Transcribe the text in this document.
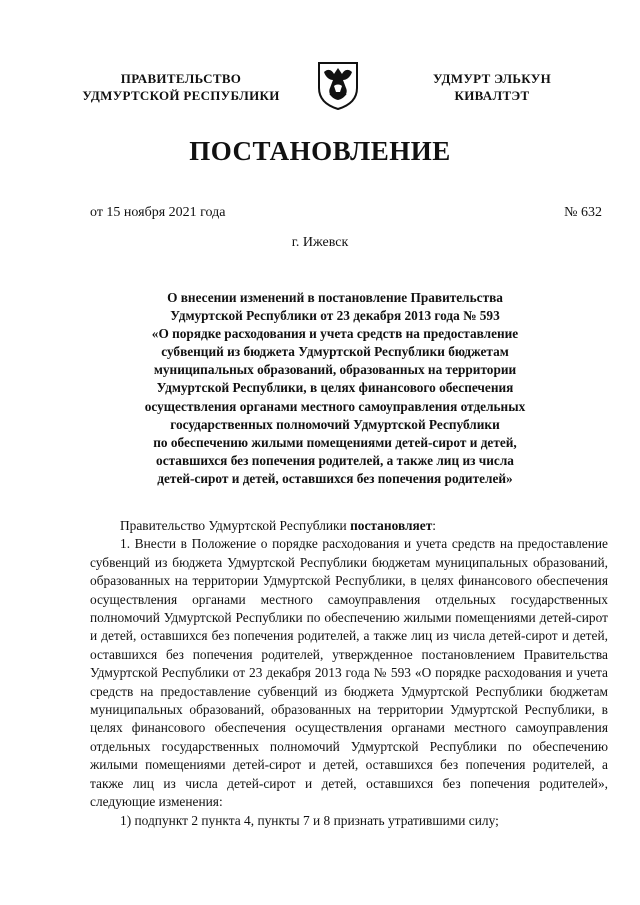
ПРАВИТЕЛЬСТВО
УДМУРТСКОЙ РЕСПУБЛИКИ
УДМУРТ ЭЛЬКУН
КИВАЛТЭТ
ПОСТАНОВЛЕНИЕ
от 15 ноября 2021 года	№ 632
г. Ижевск
О внесении изменений в постановление Правительства
Удмуртской Республики от 23 декабря 2013 года № 593
«О порядке расходования и учета средств на предоставление
субвенций из бюджета Удмуртской Республики бюджетам
муниципальных образований, образованных на территории
Удмуртской Республики, в целях финансового обеспечения
осуществления органами местного самоуправления отдельных
государственных полномочий Удмуртской Республики
по обеспечению жилыми помещениями детей-сирот и детей,
оставшихся без попечения родителей, а также лиц из числа
детей-сирот и детей, оставшихся без попечения родителей»

Правительство Удмуртской Республики постановляет:

1. Внести в Положение о порядке расходования и учета средств на предоставление субвенций из бюджета Удмуртской Республики бюджетам муниципальных образований, образованных на территории Удмуртской Республики, в целях финансового обеспечения осуществления органами местного самоуправления отдельных государственных полномочий Удмуртской Республики по обеспечению жилыми помещениями детей-сирот и детей, оставшихся без попечения родителей, а также лиц из числа детей-сирот и детей, оставшихся без попечения родителей, утвержденное постановлением Правительства Удмуртской Республики от 23 декабря 2013 года № 593 «О порядке расходования и учета средств на предоставление субвенций из бюджета Удмуртской Республики бюджетам муниципальных образований, образованных на территории Удмуртской Республики, в целях финансового обеспечения осуществления органами местного самоуправления отдельных государственных полномочий Удмуртской Республики по обеспечению жилыми помещениями детей-сирот и детей, оставшихся без попечения родителей, а также лиц из числа детей-сирот и детей, оставшихся без попечения родителей», следующие изменения:

1) подпункт 2 пункта 4, пункты 7 и 8 признать утратившими силу;
